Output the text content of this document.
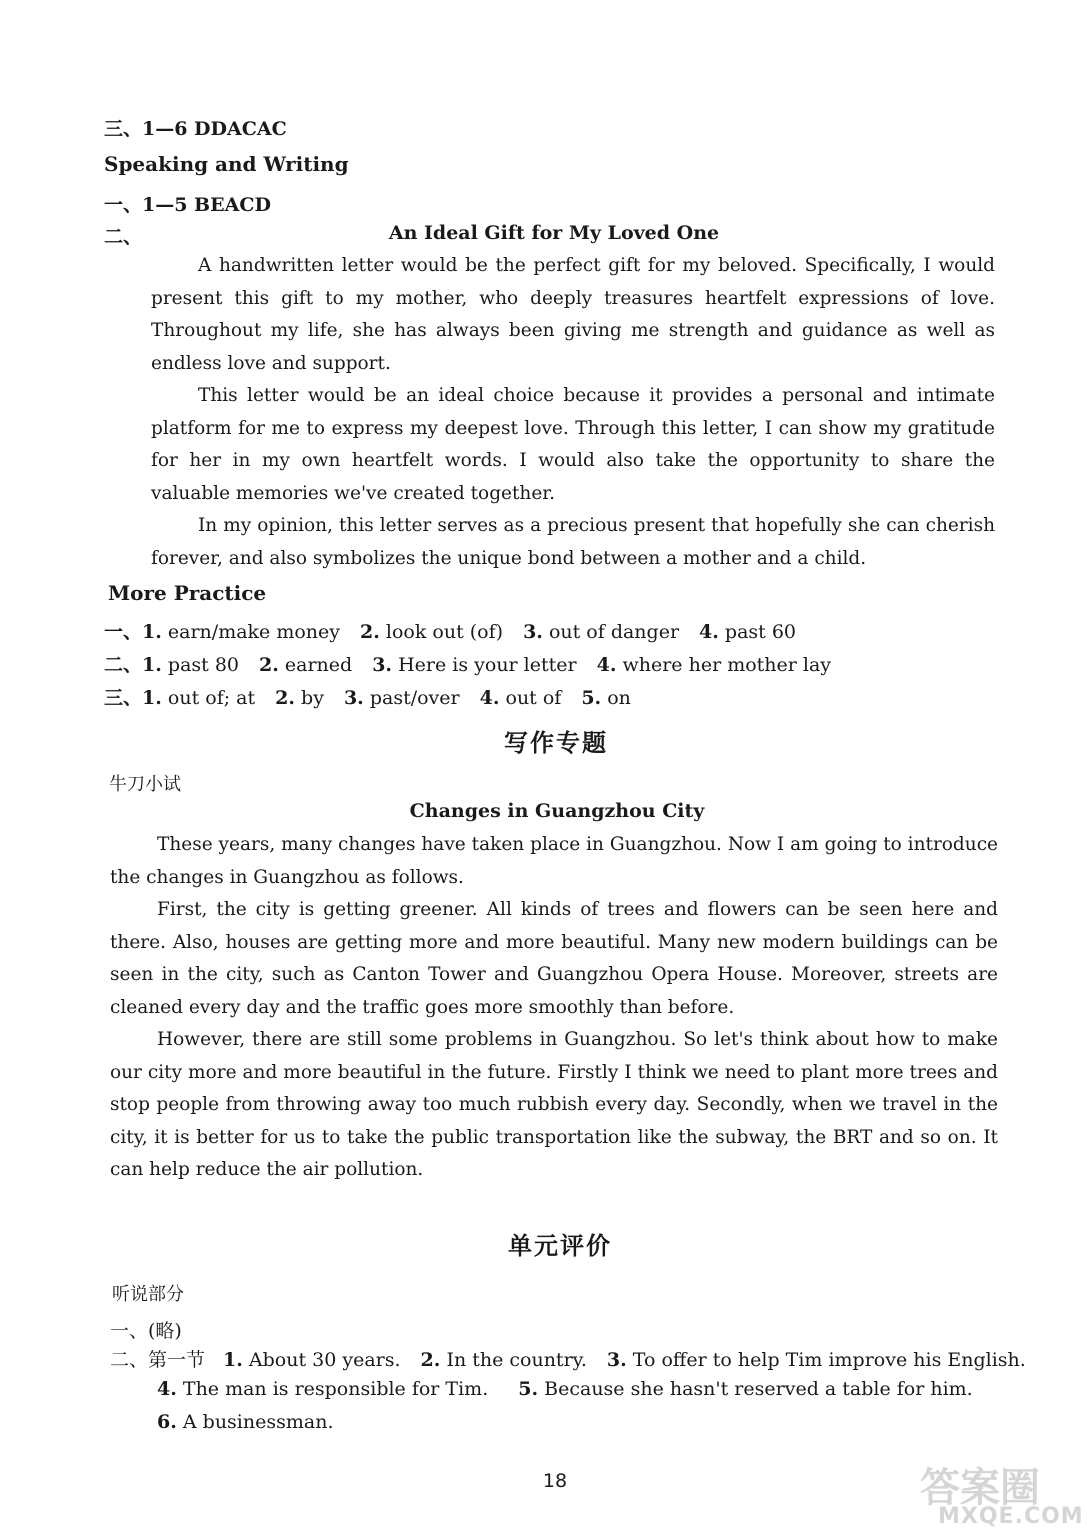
三、1—6 DDACAC
Speaking and Writing
一、1—5 BEACD
二、	An Ideal Gift for My Loved One

A handwritten letter would be the perfect gift for my beloved. Specifically, I would present this gift to my mother, who deeply treasures heartfelt expressions of love. Throughout my life, she has always been giving me strength and guidance as well as endless love and support.

This letter would be an ideal choice because it provides a personal and intimate platform for me to express my deepest love. Through this letter, I can show my gratitude for her in my own heartfelt words. I would also take the opportunity to share the valuable memories we've created together.

In my opinion, this letter serves as a precious present that hopefully she can cherish forever, and also symbolizes the unique bond between a mother and a child.

More Practice
一、1. earn/make money 2. look out (of) 3. out of danger 4. past 60
二、1. past 80 2. earned 3. Here is your letter 4. where her mother lay
三、1. out of; at 2. by 3. past/over 4. out of 5. on
写作专题
牛刀小试
Changes in Guangzhou City

These years, many changes have taken place in Guangzhou. Now I am going to introduce the changes in Guangzhou as follows.

First, the city is getting greener. All kinds of trees and flowers can be seen here and there. Also, houses are getting more and more beautiful. Many new modern buildings can be seen in the city, such as Canton Tower and Guangzhou Opera House. Moreover, streets are cleaned every day and the traffic goes more smoothly than before.

However, there are still some problems in Guangzhou. So let's think about how to make our city more and more beautiful in the future. Firstly I think we need to plant more trees and stop people from throwing away too much rubbish every day. Secondly, when we travel in the city, it is better for us to take the public transportation like the subway, the BRT and so on. It can help reduce the air pollution.

单元评价
听说部分
一、(略)
二、第一节 1. About 30 years. 2. In the country. 3. To offer to help Tim improve his English.
4. The man is responsible for Tim. 5. Because she hasn't reserved a table for him.
6. A businessman.
18	答案圈
MXQE.COM
